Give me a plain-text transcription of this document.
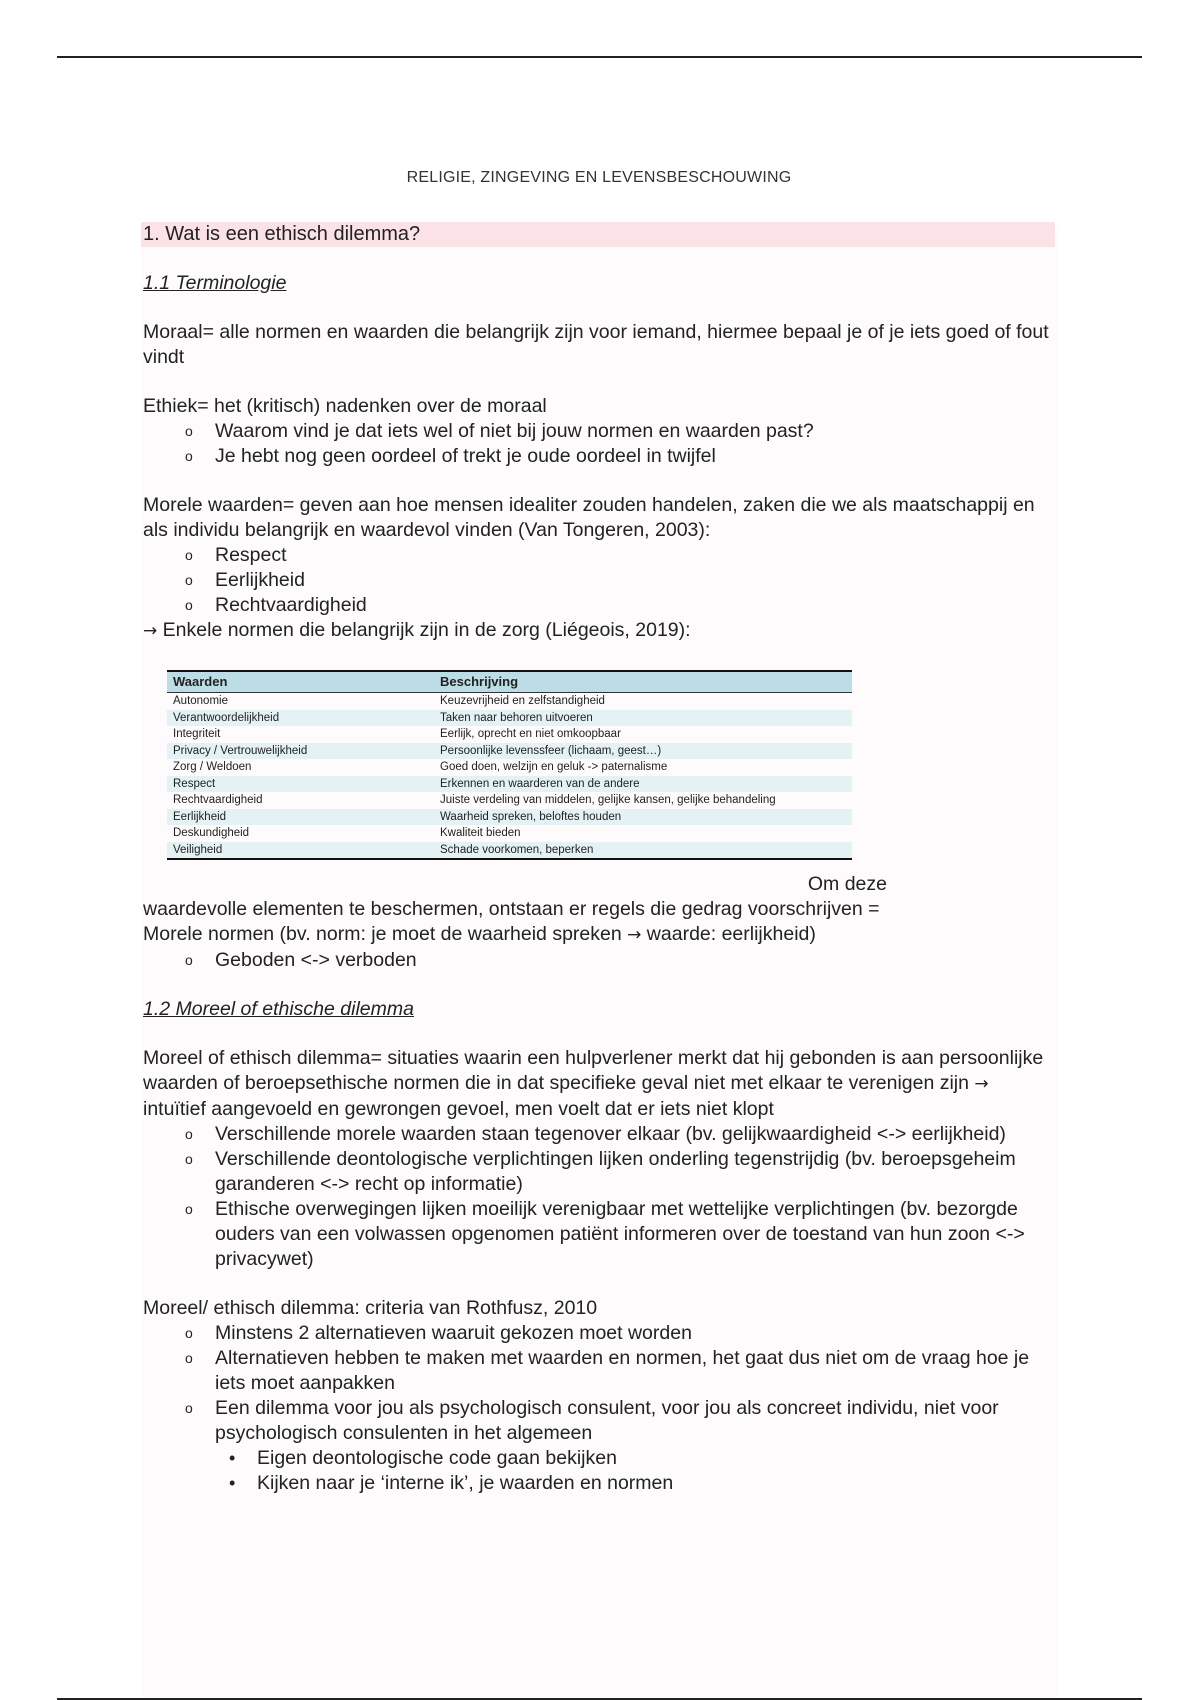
RELIGIE, ZINGEVING EN LEVENSBESCHOUWING
1. Wat is een ethisch dilemma?
1.1 Terminologie

Moraal= alle normen en waarden die belangrijk zijn voor iemand, hiermee bepaal je of je iets goed of fout vindt

Ethiek= het (kritisch) nadenken over de moraal

o Waarom vind je dat iets wel of niet bij jouw normen en waarden past?
o Je hebt nog geen oordeel of trekt je oude oordeel in twijfel

Morele waarden= geven aan hoe mensen idealiter zouden handelen, zaken die we als maatschappij en als individu belangrijk en waardevol vinden (Van Tongeren, 2003):

o Respect
o Eerlijkheid
o Rechtvaardigheid

→ Enkele normen die belangrijk zijn in de zorg (Liégeois, 2019):

Waarden	Beschrijving
Autonomie	Keuzevrijheid en zelfstandigheid
Verantwoordelijkheid	Taken naar behoren uitvoeren
Integriteit	Eerlijk, oprecht en niet omkoopbaar
Privacy / Vertrouwelijkheid	Persoonlijke levenssfeer (lichaam, geest…)
Zorg / Weldoen	Goed doen, welzijn en geluk -> paternalisme
Respect	Erkennen en waarderen van de andere
Rechtvaardigheid	Juiste verdeling van middelen, gelijke kansen, gelijke behandeling
Eerlijkheid	Waarheid spreken, beloftes houden
Deskundigheid	Kwaliteit bieden
Veiligheid	Schade voorkomen, beperken

Om deze

waardevolle elementen te beschermen, ontstaan er regels die gedrag voorschrijven =

Morele normen (bv. norm: je moet de waarheid spreken → waarde: eerlijkheid)

o Geboden <-> verboden
1.2 Moreel of ethische dilemma

Moreel of ethisch dilemma= situaties waarin een hulpverlener merkt dat hij gebonden is aan persoonlijke waarden of beroepsethische normen die in dat specifieke geval niet met elkaar te verenigen zijn → intuïtief aangevoeld en gewrongen gevoel, men voelt dat er iets niet klopt

o Verschillende morele waarden staan tegenover elkaar (bv. gelijkwaardigheid <-> eerlijkheid)
o Verschillende deontologische verplichtingen lijken onderling tegenstrijdig (bv. beroepsgeheim garanderen <-> recht op informatie)
o Ethische overwegingen lijken moeilijk verenigbaar met wettelijke verplichtingen (bv. bezorgde ouders van een volwassen opgenomen patiënt informeren over de toestand van hun zoon <-> privacywet)

Moreel/ ethisch dilemma: criteria van Rothfusz, 2010

o Minstens 2 alternatieven waaruit gekozen moet worden
o Alternatieven hebben te maken met waarden en normen, het gaat dus niet om de vraag hoe je iets moet aanpakken
o Een dilemma voor jou als psychologisch consulent, voor jou als concreet individu, niet voor psychologisch consulenten in het algemeen
• Eigen deontologische code gaan bekijken
• Kijken naar je ‘interne ik’, je waarden en normen
